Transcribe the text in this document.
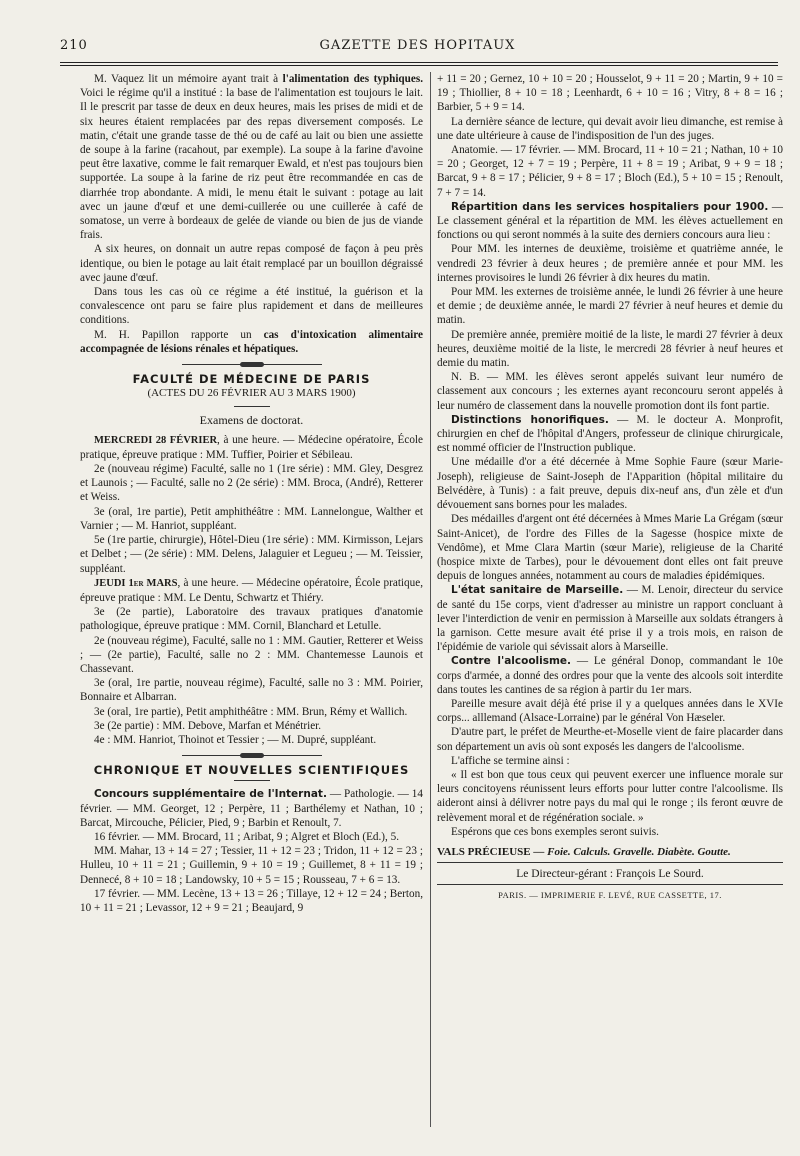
210	GAZETTE DES HOPITAUX

M. Vaquez lit un mémoire ayant trait à l'alimentation des typhiques. Voici le régime qu'il a institué : la base de l'alimentation est toujours le lait. Il le prescrit par tasse de deux en deux heures, mais les prises de midi et de six heures étaient remplacées par des repas diversement composés. Le matin, c'était une grande tasse de thé ou de café au lait ou bien une assiette de soupe à la farine (racahout, par exemple). La soupe à la farine d'avoine peut être laxative, comme le fait remarquer Ewald, et n'est pas toujours bien supportée. La soupe à la farine de riz peut être recommandée en cas de diarrhée trop abondante. A midi, le menu était le suivant : potage au lait avec un jaune d'œuf et une demi-cuillerée ou une cuillerée à café de somatose, un verre à bordeaux de gelée de viande ou bien de jus de viande frais.

A six heures, on donnait un autre repas composé de façon à peu près identique, ou bien le potage au lait était remplacé par un bouillon dégraissé avec jaune d'œuf.

Dans tous les cas où ce régime a été institué, la guérison et la convalescence ont paru se faire plus rapidement et dans de meilleures conditions.

M. H. Papillon rapporte un cas d'intoxication alimentaire accompagnée de lésions rénales et hépatiques.

FACULTÉ DE MÉDECINE DE PARIS
(ACTES DU 26 FÉVRIER AU 3 MARS 1900)
Examens de doctorat.

MERCREDI 28 FÉVRIER, à une heure. — Médecine opératoire, École pratique, épreuve pratique : MM. Tuffier, Poirier et Sébileau.

2e (nouveau régime) Faculté, salle no 1 (1re série) : MM. Gley, Desgrez et Launois ; — Faculté, salle no 2 (2e série) : MM. Broca, (André), Retterer et Weiss.

3e (oral, 1re partie), Petit amphithéâtre : MM. Lannelongue, Walther et Varnier ; — M. Hanriot, suppléant.

5e (1re partie, chirurgie), Hôtel-Dieu (1re série) : MM. Kirmisson, Lejars et Delbet ; — (2e série) : MM. Delens, Jalaguier et Legueu ; — M. Teissier, suppléant.

JEUDI 1er MARS, à une heure. — Médecine opératoire, École pratique, épreuve pratique : MM. Le Dentu, Schwartz et Thiéry.

3e (2e partie), Laboratoire des travaux pratiques d'anatomie pathologique, épreuve pratique : MM. Cornil, Blanchard et Letulle.

2e (nouveau régime), Faculté, salle no 1 : MM. Gautier, Retterer et Weiss ; — (2e partie), Faculté, salle no 2 : MM. Chantemesse Launois et Chassevant.

3e (oral, 1re partie, nouveau régime), Faculté, salle no 3 : MM. Poirier, Bonnaire et Albarran.

3e (oral, 1re partie), Petit amphithéâtre : MM. Brun, Rémy et Wallich.

3e (2e partie) : MM. Debove, Marfan et Ménétrier.

4e : MM. Hanriot, Thoinot et Tessier ; — M. Dupré, suppléant.

CHRONIQUE ET NOUVELLES SCIENTIFIQUES

Concours supplémentaire de l'Internat. — Pathologie. — 14 février. — MM. Georget, 12 ; Perpère, 11 ; Barthélemy et Nathan, 10 ; Barcat, Mircouche, Pélicier, Pied, 9 ; Barbin et Renoult, 7.

16 février. — MM. Brocard, 11 ; Aribat, 9 ; Algret et Bloch (Ed.), 5.

MM. Mahar, 13 + 14 = 27 ; Tessier, 11 + 12 = 23 ; Tridon, 11 + 12 = 23 ; Hulleu, 10 + 11 = 21 ; Guillemin, 9 + 10 = 19 ; Guillemet, 8 + 11 = 19 ; Dennecé, 8 + 10 = 18 ; Landowsky, 10 + 5 = 15 ; Rousseau, 7 + 6 = 13.

17 février. — MM. Lecène, 13 + 13 = 26 ; Tillaye, 12 + 12 = 24 ; Berton, 10 + 11 = 21 ; Levassor, 12 + 9 = 21 ; Beaujard, 9

+ 11 = 20 ; Gernez, 10 + 10 = 20 ; Housselot, 9 + 11 = 20 ; Martin, 9 + 10 = 19 ; Thiollier, 8 + 10 = 18 ; Leenhardt, 6 + 10 = 16 ; Vitry, 8 + 8 = 16 ; Barbier, 5 + 9 = 14.

La dernière séance de lecture, qui devait avoir lieu dimanche, est remise à une date ultérieure à cause de l'indisposition de l'un des juges.

Anatomie. — 17 février. — MM. Brocard, 11 + 10 = 21 ; Nathan, 10 + 10 = 20 ; Georget, 12 + 7 = 19 ; Perpère, 11 + 8 = 19 ; Aribat, 9 + 9 = 18 ; Barcat, 9 + 8 = 17 ; Pélicier, 9 + 8 = 17 ; Bloch (Ed.), 5 + 10 = 15 ; Renoult, 7 + 7 = 14.

Répartition dans les services hospitaliers pour 1900. — Le classement général et la répartition de MM. les élèves actuellement en fonctions ou qui seront nommés à la suite des derniers concours aura lieu :

Pour MM. les internes de deuxième, troisième et quatrième année, le vendredi 23 février à deux heures ; de première année et pour MM. les internes provisoires le lundi 26 février à dix heures du matin.

Pour MM. les externes de troisième année, le lundi 26 février à une heure et demie ; de deuxième année, le mardi 27 février à neuf heures et demie du matin.

De première année, première moitié de la liste, le mardi 27 février à deux heures, deuxième moitié de la liste, le mercredi 28 février à neuf heures et demie du matin.

N. B. — MM. les élèves seront appelés suivant leur numéro de classement aux concours ; les externes ayant reconcouru seront appelés à leur numéro de classement dans la nouvelle promotion dont ils font partie.

Distinctions honorifiques. — M. le docteur A. Monprofit, chirurgien en chef de l'hôpital d'Angers, professeur de clinique chirurgicale, est nommé officier de l'Instruction publique.

Une médaille d'or a été décernée à Mme Sophie Faure (sœur Marie-Joseph), religieuse de Saint-Joseph de l'Apparition (hôpital militaire du Belvédère, à Tunis) : a fait preuve, depuis dix-neuf ans, d'un zèle et d'un dévouement sans bornes pour les malades.

Des médailles d'argent ont été décernées à Mmes Marie La Grégam (sœur Saint-Anicet), de l'ordre des Filles de la Sagesse (hospice mixte de Vendôme), et Mme Clara Martin (sœur Marie), religieuse de la Charité (hospice mixte de Tarbes), pour le dévouement dont elles ont fait preuve depuis de longues années, notamment au cours de maladies épidémiques.

L'état sanitaire de Marseille. — M. Lenoir, directeur du service de santé du 15e corps, vient d'adresser au ministre un rapport concluant à lever l'interdiction de venir en permission à Marseille aux soldats étrangers à la garnison. Cette mesure avait été prise il y a trois mois, en raison de l'épidémie de variole qui sévissait alors à Marseille.

Contre l'alcoolisme. — Le général Donop, commandant le 10e corps d'armée, a donné des ordres pour que la vente des alcools soit interdite dans toutes les cantines de sa région à partir du 1er mars.

Pareille mesure avait déjà été prise il y a quelques années dans le XVIe corps... alllemand (Alsace-Lorraine) par le général Von Hæseler.

D'autre part, le préfet de Meurthe-et-Moselle vient de faire placarder dans son département un avis où sont exposés les dangers de l'alcoolisme.

L'affiche se termine ainsi :

« Il est bon que tous ceux qui peuvent exercer une influence morale sur leurs concitoyens réunissent leurs efforts pour lutter contre l'alcoolisme. Ils aideront ainsi à délivrer notre pays du mal qui le ronge ; ils feront œuvre de relèvement moral et de régénération sociale. »

Espérons que ces bons exemples seront suivis.

VALS PRÉCIEUSE — Foie. Calculs. Gravelle. Diabète. Goutte.
Le Directeur-gérant : François Le Sourd.
PARIS. — IMPRIMERIE F. LEVÉ, RUE CASSETTE, 17.
